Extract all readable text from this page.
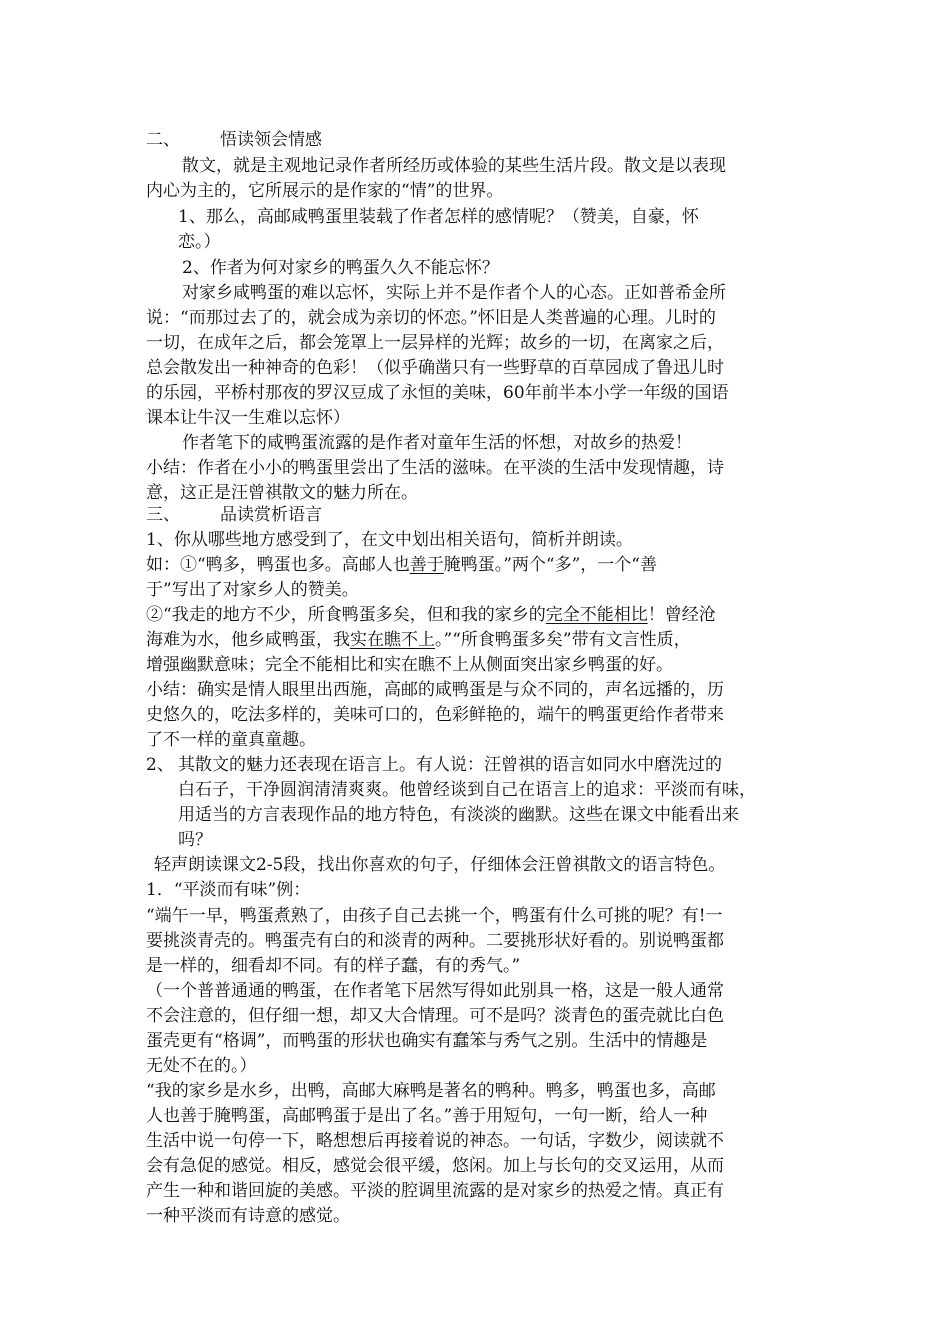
二、 悟读领会情感
散文，就是主观地记录作者所经历或体验的某些生活片段。散文是以表现
内心为主的，它所展示的是作家的“情”的世界。
1、那么，高邮咸鸭蛋里装载了作者怎样的感情呢？（赞美，自豪，怀
恋。）
2、作者为何对家乡的鸭蛋久久不能忘怀？
对家乡咸鸭蛋的难以忘怀，实际上并不是作者个人的心态。正如普希金所
说：“而那过去了的，就会成为亲切的怀恋。”怀旧是人类普遍的心理。儿时的
一切，在成年之后，都会笼罩上一层异样的光辉；故乡的一切，在离家之后，
总会散发出一种神奇的色彩！（似乎确凿只有一些野草的百草园成了鲁迅儿时
的乐园，平桥村那夜的罗汉豆成了永恒的美味，60年前半本小学一年级的国语
课本让牛汉一生难以忘怀）
作者笔下的咸鸭蛋流露的是作者对童年生活的怀想，对故乡的热爱！
小结：作者在小小的鸭蛋里尝出了生活的滋味。在平淡的生活中发现情趣，诗
意，这正是汪曾祺散文的魅力所在。
三、 品读赏析语言
1、你从哪些地方感受到了，在文中划出相关语句，简析并朗读。
如：①“鸭多，鸭蛋也多。高邮人也善于腌鸭蛋。”两个“多”，一个“善
于”写出了对家乡人的赞美。
②“我走的地方不少，所食鸭蛋多矣，但和我的家乡的完全不能相比！曾经沧
海难为水，他乡咸鸭蛋，我实在瞧不上。”“所食鸭蛋多矣”带有文言性质，
增强幽默意味；完全不能相比和实在瞧不上从侧面突出家乡鸭蛋的好。
小结：确实是情人眼里出西施，高邮的咸鸭蛋是与众不同的，声名远播的，历
史悠久的，吃法多样的，美味可口的，色彩鲜艳的，端午的鸭蛋更给作者带来
了不一样的童真童趣。
2、 其散文的魅力还表现在语言上。有人说：汪曾祺的语言如同水中磨洗过的
白石子，干净圆润清清爽爽。他曾经谈到自己在语言上的追求：平淡而有味，
用适当的方言表现作品的地方特色，有淡淡的幽默。这些在课文中能看出来
吗？
轻声朗读课文2-5段，找出你喜欢的句子，仔细体会汪曾祺散文的语言特色。
1．“平淡而有味”例：
“端午一早，鸭蛋煮熟了，由孩子自己去挑一个，鸭蛋有什么可挑的呢？有!一
要挑淡青壳的。鸭蛋壳有白的和淡青的两种。二要挑形状好看的。别说鸭蛋都
是一样的，细看却不同。有的样子蠢，有的秀气。”
（一个普普通通的鸭蛋，在作者笔下居然写得如此别具一格，这是一般人通常
不会注意的，但仔细一想，却又大合情理。可不是吗？淡青色的蛋壳就比白色
蛋壳更有“格调”，而鸭蛋的形状也确实有蠢笨与秀气之别。生活中的情趣是
无处不在的。）
“我的家乡是水乡，出鸭，高邮大麻鸭是著名的鸭种。鸭多，鸭蛋也多，高邮
人也善于腌鸭蛋，高邮鸭蛋于是出了名。”善于用短句，一句一断，给人一种
生活中说一句停一下，略想想后再接着说的神态。一句话，字数少，阅读就不
会有急促的感觉。相反，感觉会很平缓，悠闲。加上与长句的交叉运用，从而
产生一种和谐回旋的美感。平淡的腔调里流露的是对家乡的热爱之情。真正有
一种平淡而有诗意的感觉。
